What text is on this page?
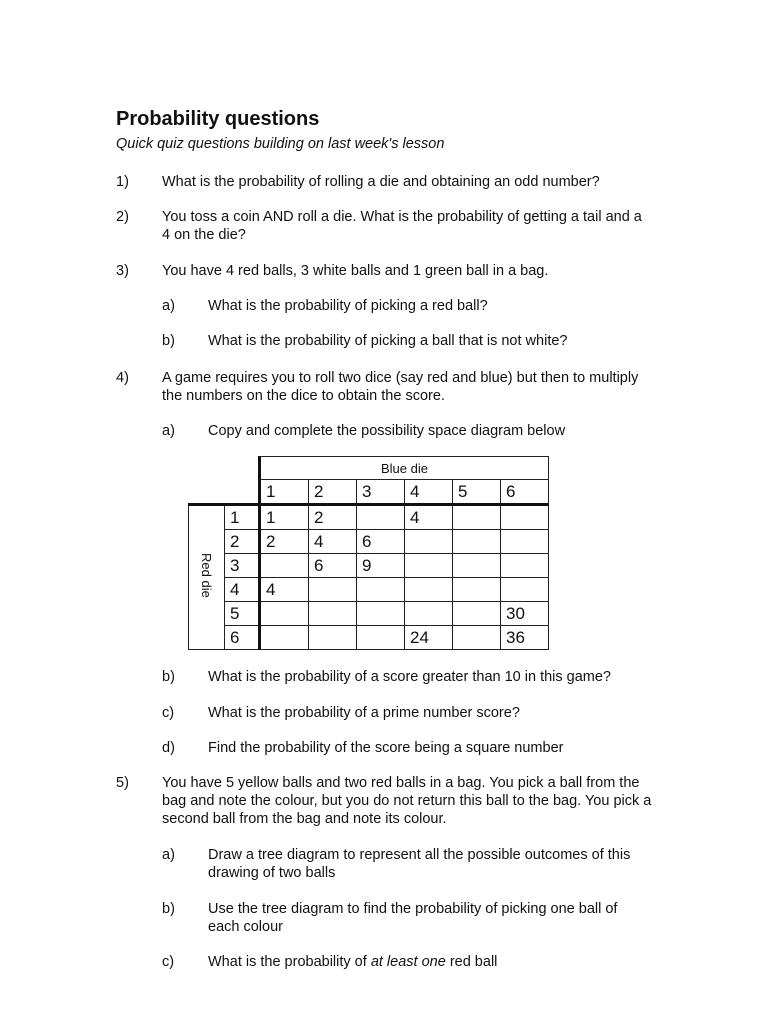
Probability questions
Quick quiz questions building on last week's lesson
1) What is the probability of rolling a die and obtaining an odd number?
2) You toss a coin AND roll a die. What is the probability of getting a tail and a 4 on the die?
3) You have 4 red balls, 3 white balls and 1 green ball in a bag.
a) What is the probability of picking a red ball?
b) What is the probability of picking a ball that is not white?
4) A game requires you to roll two dice (say red and blue) but then to multiply the numbers on the dice to obtain the score.
a) Copy and complete the possibility space diagram below
		Blue die					
		1	2	3	4	5	6
Red die	1	1	2		4		
	2	2	4	6			
	3		6	9			
	4	4					
	5						30
	6				24		36
b) What is the probability of a score greater than 10 in this game?
c) What is the probability of a prime number score?
d) Find the probability of the score being a square number
5) You have 5 yellow balls and two red balls in a bag. You pick a ball from the bag and note the colour, but you do not return this ball to the bag. You pick a second ball from the bag and note its colour.
a) Draw a tree diagram to represent all the possible outcomes of this drawing of two balls
b) Use the tree diagram to find the probability of picking one ball of each colour
c) What is the probability of at least one red ball
